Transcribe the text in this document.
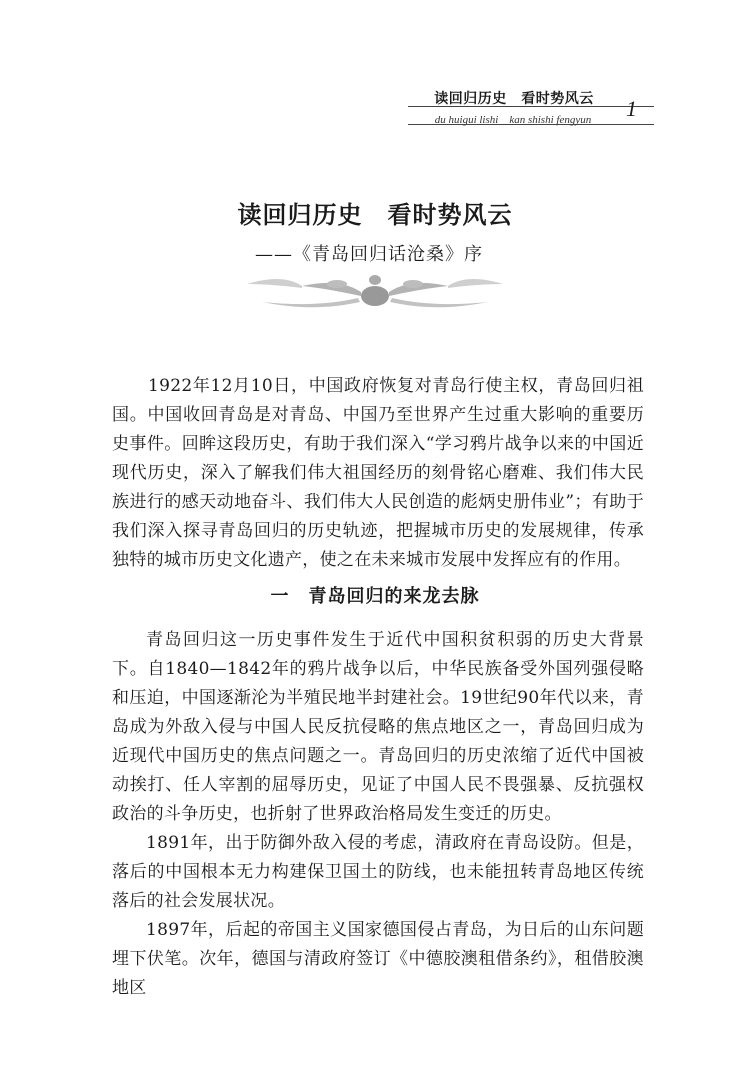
读回归历史　看时势风云
du huigui lishi　kan shishi fengyun	1
读回归历史　看时势风云
——《青岛回归话沧桑》序

1922年12月10日，中国政府恢复对青岛行使主权，青岛回归祖国。中国收回青岛是对青岛、中国乃至世界产生过重大影响的重要历史事件。回眸这段历史，有助于我们深入“学习鸦片战争以来的中国近现代历史，深入了解我们伟大祖国经历的刻骨铭心磨难、我们伟大民族进行的感天动地奋斗、我们伟大人民创造的彪炳史册伟业”；有助于我们深入探寻青岛回归的历史轨迹，把握城市历史的发展规律，传承独特的城市历史文化遗产，使之在未来城市发展中发挥应有的作用。

一　青岛回归的来龙去脉

青岛回归这一历史事件发生于近代中国积贫积弱的历史大背景下。自1840—1842年的鸦片战争以后，中华民族备受外国列强侵略和压迫，中国逐渐沦为半殖民地半封建社会。19世纪90年代以来，青岛成为外敌入侵与中国人民反抗侵略的焦点地区之一，青岛回归成为近现代中国历史的焦点问题之一。青岛回归的历史浓缩了近代中国被动挨打、任人宰割的屈辱历史，见证了中国人民不畏强暴、反抗强权政治的斗争历史，也折射了世界政治格局发生变迁的历史。

1891年，出于防御外敌入侵的考虑，清政府在青岛设防。但是，落后的中国根本无力构建保卫国土的防线，也未能扭转青岛地区传统落后的社会发展状况。

1897年，后起的帝国主义国家德国侵占青岛，为日后的山东问题埋下伏笔。次年，德国与清政府签订《中德胶澳租借条约》，租借胶澳地区
